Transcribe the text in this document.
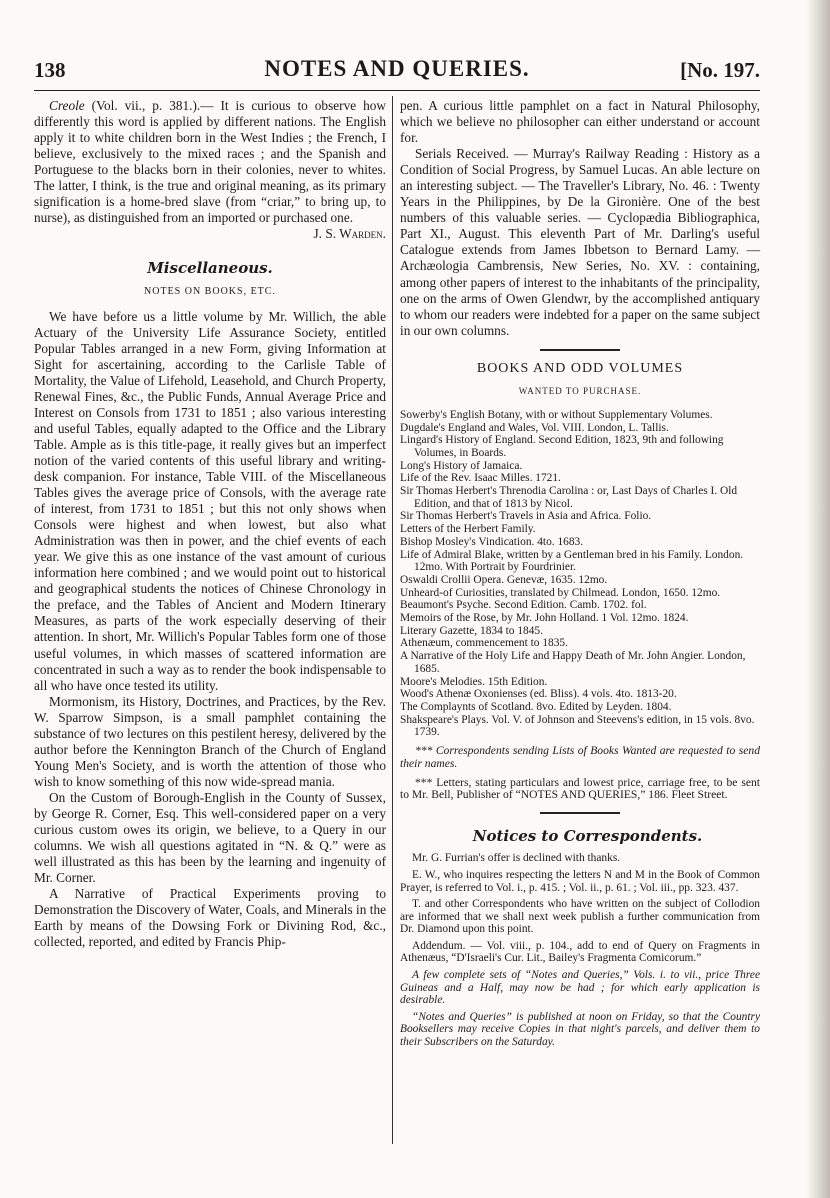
138	NOTES AND QUERIES.	[No. 197.

Creole (Vol. vii., p. 381.).— It is curious to observe how differently this word is applied by different nations. The English apply it to white children born in the West Indies ; the French, I believe, exclusively to the mixed races ; and the Spanish and Portuguese to the blacks born in their colonies, never to whites. The latter, I think, is the true and original meaning, as its primary signification is a home-bred slave (from “criar,” to bring up, to nurse), as distinguished from an imported or purchased one.

J. S. Warden.

Miscellaneous.

NOTES ON BOOKS, ETC.

We have before us a little volume by Mr. Willich, the able Actuary of the University Life Assurance Society, entitled Popular Tables arranged in a new Form, giving Information at Sight for ascertaining, according to the Carlisle Table of Mortality, the Value of Lifehold, Leasehold, and Church Property, Renewal Fines, &c., the Public Funds, Annual Average Price and Interest on Consols from 1731 to 1851 ; also various interesting and useful Tables, equally adapted to the Office and the Library Table. Ample as is this title-page, it really gives but an imperfect notion of the varied contents of this useful library and writing-desk companion. For instance, Table VIII. of the Miscellaneous Tables gives the average price of Consols, with the average rate of interest, from 1731 to 1851 ; but this not only shows when Consols were highest and when lowest, but also what Administration was then in power, and the chief events of each year. We give this as one instance of the vast amount of curious information here combined ; and we would point out to historical and geographical students the notices of Chinese Chronology in the preface, and the Tables of Ancient and Modern Itinerary Measures, as parts of the work especially deserving of their attention. In short, Mr. Willich's Popular Tables form one of those useful volumes, in which masses of scattered information are concentrated in such a way as to render the book indispensable to all who have once tested its utility.

Mormonism, its History, Doctrines, and Practices, by the Rev. W. Sparrow Simpson, is a small pamphlet containing the substance of two lectures on this pestilent heresy, delivered by the author before the Kennington Branch of the Church of England Young Men's Society, and is worth the attention of those who wish to know something of this now wide-spread mania.

On the Custom of Borough-English in the County of Sussex, by George R. Corner, Esq. This well-considered paper on a very curious custom owes its origin, we believe, to a Query in our columns. We wish all questions agitated in “N. & Q.” were as well illustrated as this has been by the learning and ingenuity of Mr. Corner.

A Narrative of Practical Experiments proving to Demonstration the Discovery of Water, Coals, and Minerals in the Earth by means of the Dowsing Fork or Divining Rod, &c., collected, reported, and edited by Francis Phip-

pen. A curious little pamphlet on a fact in Natural Philosophy, which we believe no philosopher can either understand or account for.

Serials Received. — Murray's Railway Reading : History as a Condition of Social Progress, by Samuel Lucas. An able lecture on an interesting subject. — The Traveller's Library, No. 46. : Twenty Years in the Philippines, by De la Gironière. One of the best numbers of this valuable series. — Cyclopædia Bibliographica, Part XI., August. This eleventh Part of Mr. Darling's useful Catalogue extends from James Ibbetson to Bernard Lamy. — Archæologia Cambrensis, New Series, No. XV. : containing, among other papers of interest to the inhabitants of the principality, one on the arms of Owen Glendwr, by the accomplished antiquary to whom our readers were indebted for a paper on the same subject in our own columns.

BOOKS AND ODD VOLUMES
WANTED TO PURCHASE.
Sowerby's English Botany, with or without Supplementary Volumes.
Dugdale's England and Wales, Vol. VIII. London, L. Tallis.
Lingard's History of England. Second Edition, 1823, 9th and following Volumes, in Boards.
Long's History of Jamaica.
Life of the Rev. Isaac Milles. 1721.
Sir Thomas Herbert's Threnodia Carolina : or, Last Days of Charles I. Old Edition, and that of 1813 by Nicol.
Sir Thomas Herbert's Travels in Asia and Africa. Folio.
Letters of the Herbert Family.
Bishop Mosley's Vindication. 4to. 1683.
Life of Admiral Blake, written by a Gentleman bred in his Family. London. 12mo. With Portrait by Fourdrinier.
Oswaldi Crollii Opera. Genevæ, 1635. 12mo.
Unheard-of Curiosities, translated by Chilmead. London, 1650. 12mo.
Beaumont's Psyche. Second Edition. Camb. 1702. fol.
Memoirs of the Rose, by Mr. John Holland. 1 Vol. 12mo. 1824.
Literary Gazette, 1834 to 1845.
Athenæum, commencement to 1835.
A Narrative of the Holy Life and Happy Death of Mr. John Angier. London, 1685.
Moore's Melodies. 15th Edition.
Wood's Athenæ Oxonienses (ed. Bliss). 4 vols. 4to. 1813-20.
The Complaynts of Scotland. 8vo. Edited by Leyden. 1804.
Shakspeare's Plays. Vol. V. of Johnson and Steevens's edition, in 15 vols. 8vo. 1739.

*** Correspondents sending Lists of Books Wanted are requested to send their names.

*** Letters, stating particulars and lowest price, carriage free, to be sent to Mr. Bell, Publisher of “NOTES AND QUERIES,” 186. Fleet Street.

Notices to Correspondents.

Mr. G. Furrian's offer is declined with thanks.

E. W., who inquires respecting the letters N and M in the Book of Common Prayer, is referred to Vol. i., p. 415. ; Vol. ii., p. 61. ; Vol. iii., pp. 323. 437.

T. and other Correspondents who have written on the subject of Collodion are informed that we shall next week publish a further communication from Dr. Diamond upon this point.

Addendum. — Vol. viii., p. 104., add to end of Query on Fragments in Athenæus, “D'Israeli's Cur. Lit., Bailey's Fragmenta Comicorum.”

A few complete sets of “Notes and Queries,” Vols. i. to vii., price Three Guineas and a Half, may now be had ; for which early application is desirable.

“Notes and Queries” is published at noon on Friday, so that the Country Booksellers may receive Copies in that night's parcels, and deliver them to their Subscribers on the Saturday.
